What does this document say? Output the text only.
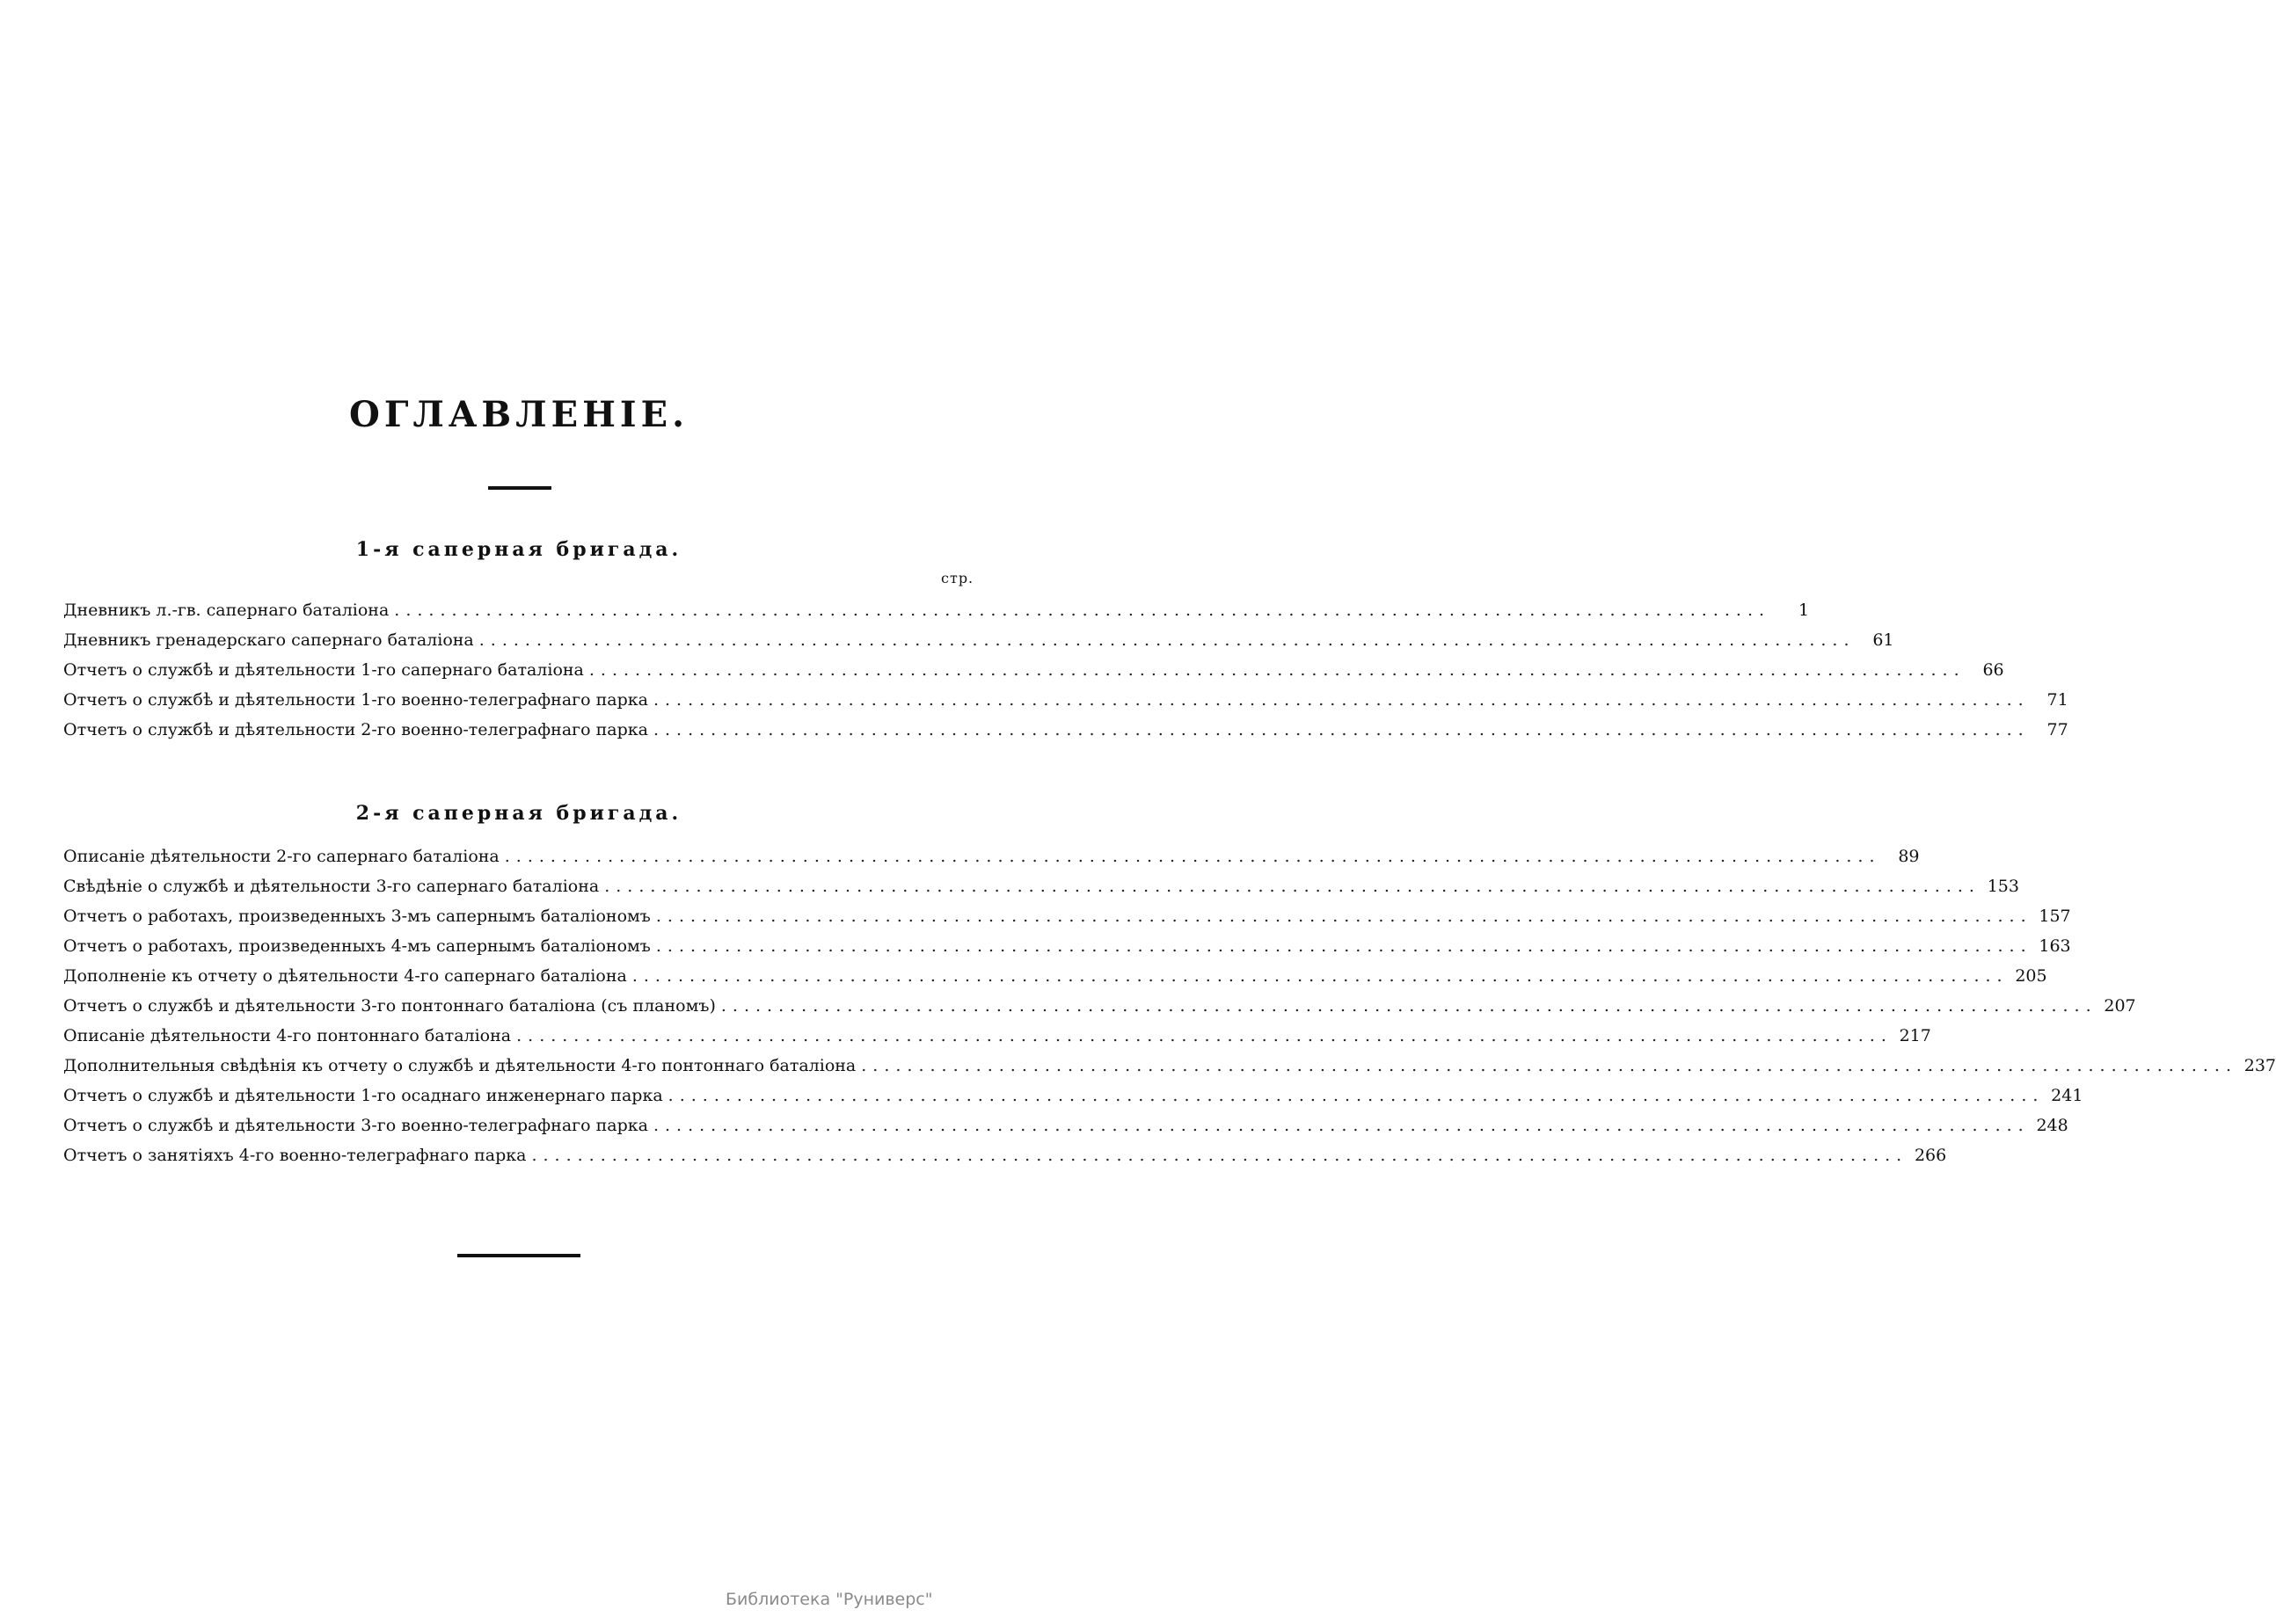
ОГЛАВЛЕНІЕ.
1-я саперная бригада.
стр.
Дневникъ л.-гв. сапернаго баталіона ........................................................................................................................	1
Дневникъ гренадерскаго сапернаго баталіона ........................................................................................................................	61
Отчетъ о службѣ и дѣятельности 1-го сапернаго баталіона ........................................................................................................................	66
Отчетъ о службѣ и дѣятельности 1-го военно-телеграфнаго парка ........................................................................................................................	71
Отчетъ о службѣ и дѣятельности 2-го военно-телеграфнаго парка ........................................................................................................................	77
2-я саперная бригада.
Описаніе дѣятельности 2-го сапернаго баталіона ........................................................................................................................	89
Свѣдѣніе о службѣ и дѣятельности 3-го сапернаго баталіона ........................................................................................................................ 153
Отчетъ о работахъ, произведенныхъ 3-мъ сапернымъ баталіономъ ........................................................................................................................ 157
Отчетъ о работахъ, произведенныхъ 4-мъ сапернымъ баталіономъ ........................................................................................................................ 163
Дополненіе къ отчету о дѣятельности 4-го сапернаго баталіона ........................................................................................................................ 205
Отчетъ о службѣ и дѣятельности 3-го понтоннаго баталіона (съ планомъ) ........................................................................................................................ 207
Описаніе дѣятельности 4-го понтоннаго баталіона ........................................................................................................................ 217
Дополнительныя свѣдѣнія къ отчету о службѣ и дѣятельности 4-го понтоннаго баталіона ........................................................................................................................ 237
Отчетъ о службѣ и дѣятельности 1-го осаднаго инженернаго парка ........................................................................................................................ 241
Отчетъ о службѣ и дѣятельности 3-го военно-телеграфнаго парка ........................................................................................................................ 248
Отчетъ о занятіяхъ 4-го военно-телеграфнаго парка ........................................................................................................................ 266
Библиотека "Руниверс"
